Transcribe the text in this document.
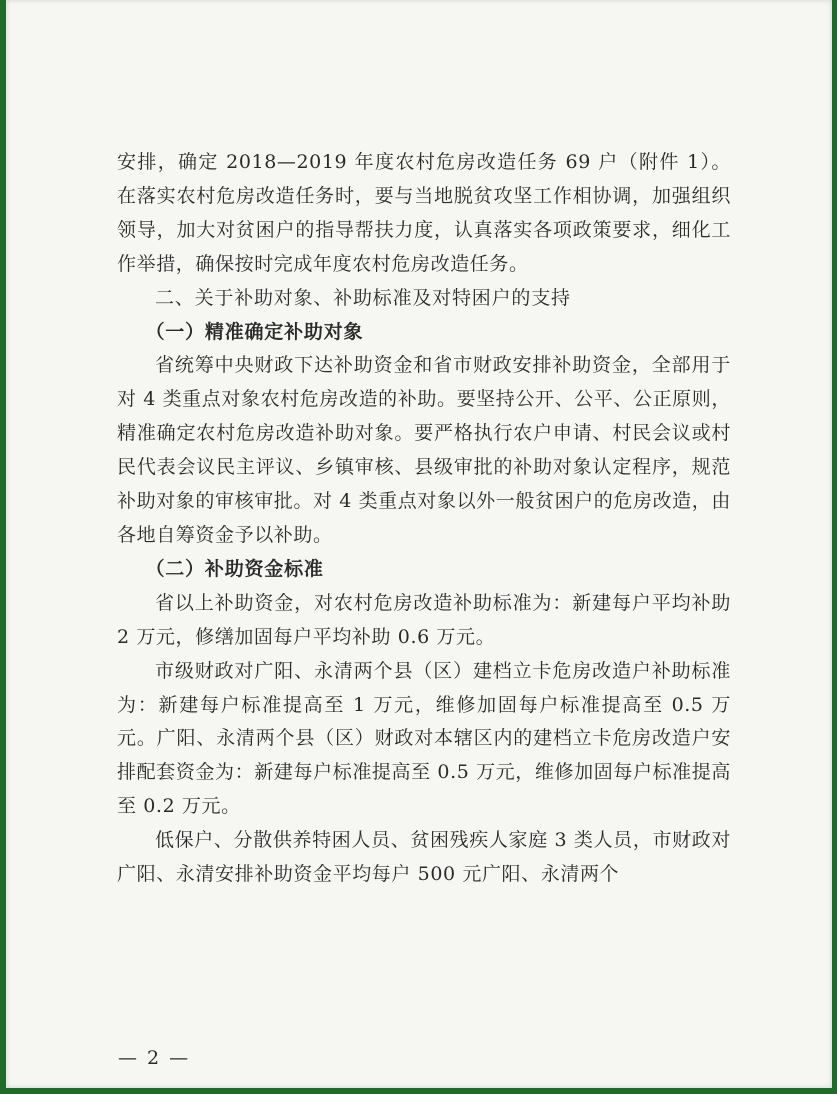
安排，确定 2018—2019 年度农村危房改造任务 69 户（附件 1）。在落实农村危房改造任务时，要与当地脱贫攻坚工作相协调，加强组织领导，加大对贫困户的指导帮扶力度，认真落实各项政策要求，细化工作举措，确保按时完成年度农村危房改造任务。

二、关于补助对象、补助标准及对特困户的支持

（一）精准确定补助对象

省统筹中央财政下达补助资金和省市财政安排补助资金，全部用于对 4 类重点对象农村危房改造的补助。要坚持公开、公平、公正原则，精准确定农村危房改造补助对象。要严格执行农户申请、村民会议或村民代表会议民主评议、乡镇审核、县级审批的补助对象认定程序，规范补助对象的审核审批。对 4 类重点对象以外一般贫困户的危房改造，由各地自筹资金予以补助。

（二）补助资金标准

省以上补助资金，对农村危房改造补助标准为：新建每户平均补助 2 万元，修缮加固每户平均补助 0.6 万元。

市级财政对广阳、永清两个县（区）建档立卡危房改造户补助标准为：新建每户标准提高至 1 万元，维修加固每户标准提高至 0.5 万元。广阳、永清两个县（区）财政对本辖区内的建档立卡危房改造户安排配套资金为：新建每户标准提高至 0.5 万元，维修加固每户标准提高至 0.2 万元。

低保户、分散供养特困人员、贫困残疾人家庭 3 类人员，市财政对广阳、永清安排补助资金平均每户 500 元广阳、永清两个

— 2 —
